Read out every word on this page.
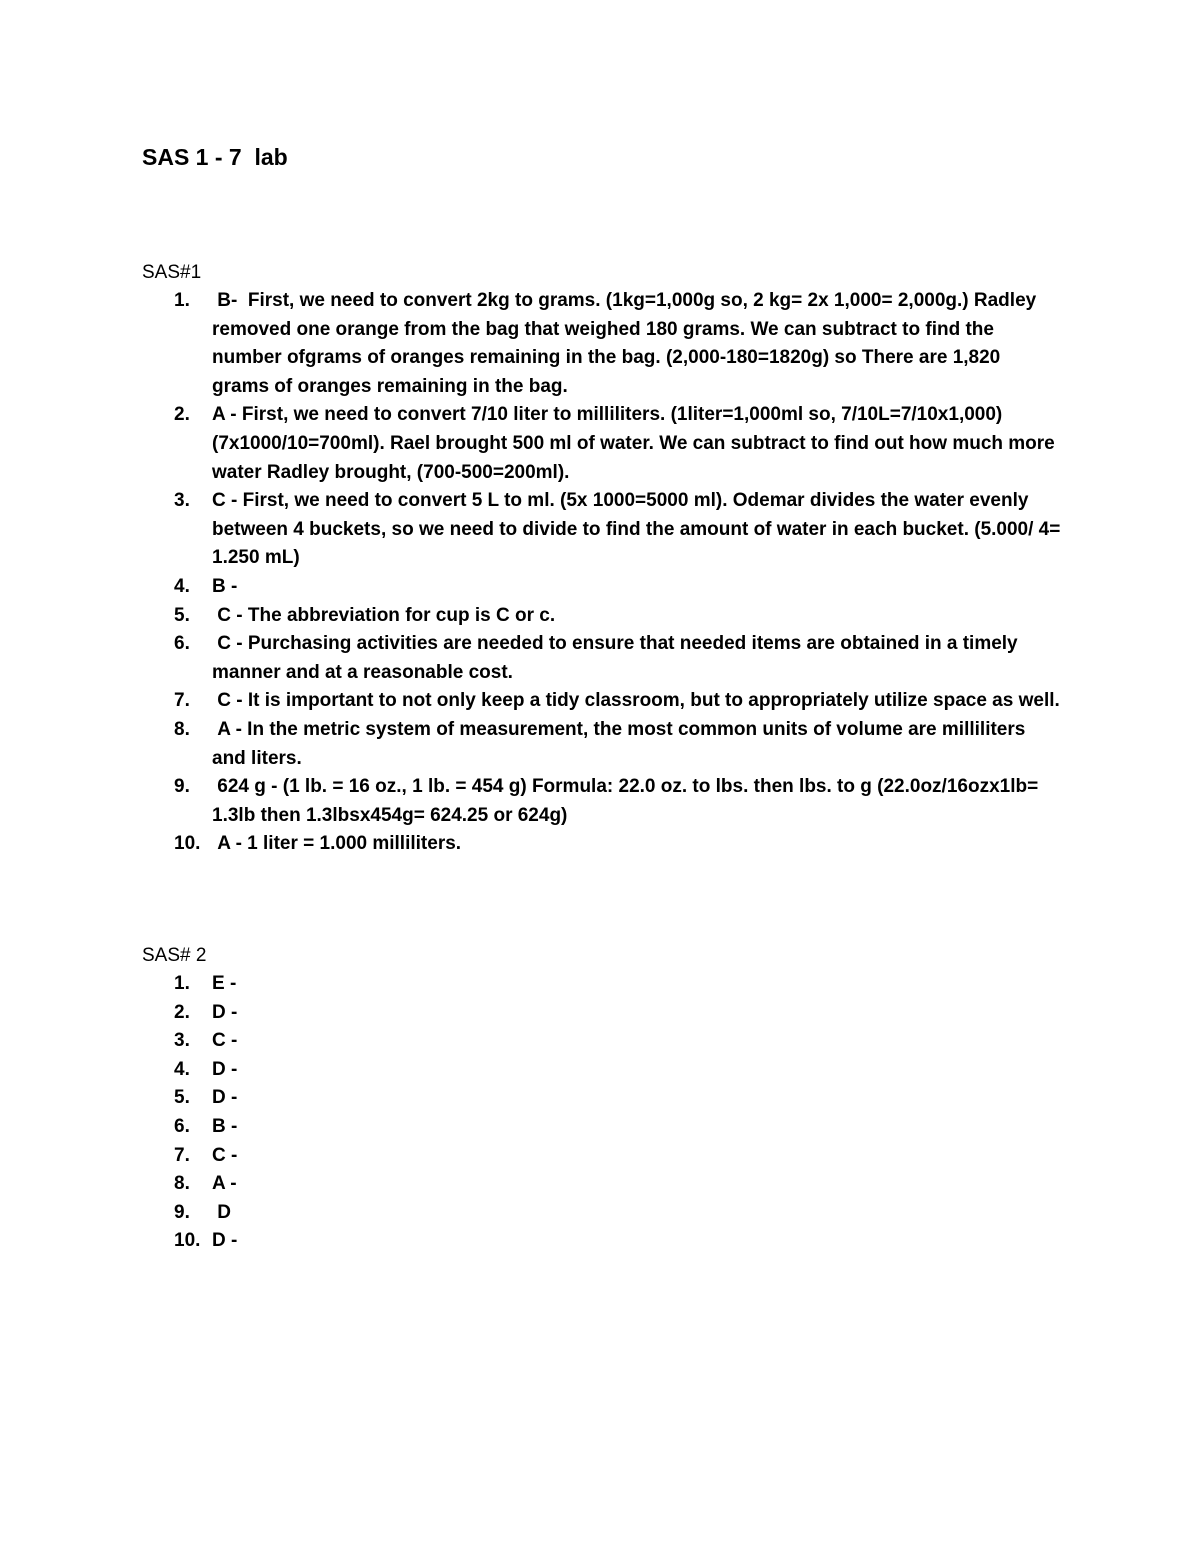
SAS 1 - 7  lab
SAS#1
1. B-  First, we need to convert 2kg to grams. (1kg=1,000g so, 2 kg= 2x 1,000= 2,000g.) Radley removed one orange from the bag that weighed 180 grams. We can subtract to find the number ofgrams of oranges remaining in the bag. (2,000-180=1820g) so There are 1,820 grams of oranges remaining in the bag.
2. A - First, we need to convert 7/10 liter to milliliters. (1liter=1,000ml so, 7/10L=7/10x1,000) (7x1000/10=700ml). Rael brought 500 ml of water. We can subtract to find out how much more water Radley brought, (700-500=200ml).
3. C - First, we need to convert 5 L to ml. (5x 1000=5000 ml). Odemar divides the water evenly between 4 buckets, so we need to divide to find the amount of water in each bucket. (5.000/ 4= 1.250 mL)
4. B -
5. C - The abbreviation for cup is C or c.
6. C - Purchasing activities are needed to ensure that needed items are obtained in a timely manner and at a reasonable cost.
7. C - It is important to not only keep a tidy classroom, but to appropriately utilize space as well.
8. A - In the metric system of measurement, the most common units of volume are milliliters and liters.
9. 624 g - (1 lb. = 16 oz., 1 lb. = 454 g) Formula: 22.0 oz. to lbs. then lbs. to g (22.0oz/16ozx1lb= 1.3lb then 1.3lbsx454g= 624.25 or 624g)
10. A - 1 liter = 1.000 milliliters.
SAS# 2
1. E -
2. D -
3. C -
4. D -
5. D -
6. B -
7. C -
8. A -
9. D
10. D -
